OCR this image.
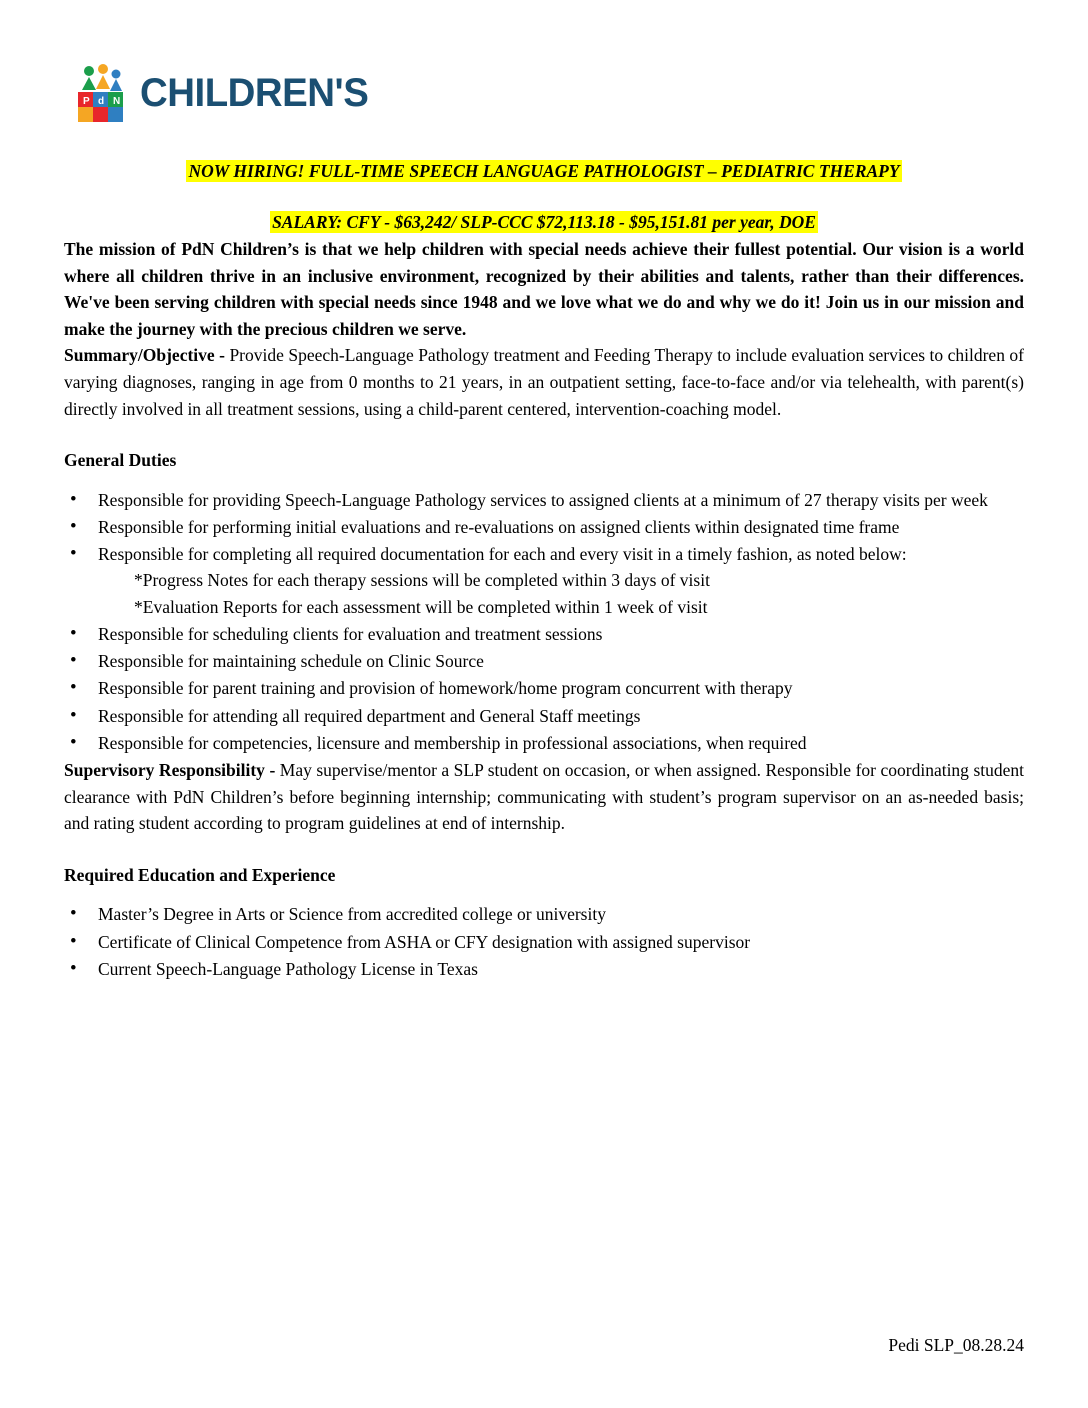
P d N CHILDREN'S
NOW HIRING! FULL-TIME SPEECH LANGUAGE PATHOLOGIST – PEDIATRIC THERAPY
SALARY: CFY - $63,242/ SLP-CCC $72,113.18 - $95,151.81 per year, DOE

The mission of PdN Children’s is that we help children with special needs achieve their fullest potential. Our vision is a world where all children thrive in an inclusive environment, recognized by their abilities and talents, rather than their differences. We've been serving children with special needs since 1948 and we love what we do and why we do it! Join us in our mission and make the journey with the precious children we serve.

Summary/Objective - Provide Speech-Language Pathology treatment and Feeding Therapy to include evaluation services to children of varying diagnoses, ranging in age from 0 months to 21 years, in an outpatient setting, face-to-face and/or via telehealth, with parent(s) directly involved in all treatment sessions, using a child-parent centered, intervention-coaching model.

General Duties
• Responsible for providing Speech-Language Pathology services to assigned clients at a minimum of 27 therapy visits per week
• Responsible for performing initial evaluations and re-evaluations on assigned clients within designated time frame
• Responsible for completing all required documentation for each and every visit in a timely fashion, as noted below:
*Progress Notes for each therapy sessions will be completed within 3 days of visit
*Evaluation Reports for each assessment will be completed within 1 week of visit
• Responsible for scheduling clients for evaluation and treatment sessions
• Responsible for maintaining schedule on Clinic Source
• Responsible for parent training and provision of homework/home program concurrent with therapy
• Responsible for attending all required department and General Staff meetings
• Responsible for competencies, licensure and membership in professional associations, when required

Supervisory Responsibility - May supervise/mentor a SLP student on occasion, or when assigned. Responsible for coordinating student clearance with PdN Children’s before beginning internship; communicating with student’s program supervisor on an as-needed basis; and rating student according to program guidelines at end of internship.

Required Education and Experience
• Master’s Degree in Arts or Science from accredited college or university
• Certificate of Clinical Competence from ASHA or CFY designation with assigned supervisor
• Current Speech-Language Pathology License in Texas
Pedi SLP_08.28.24
